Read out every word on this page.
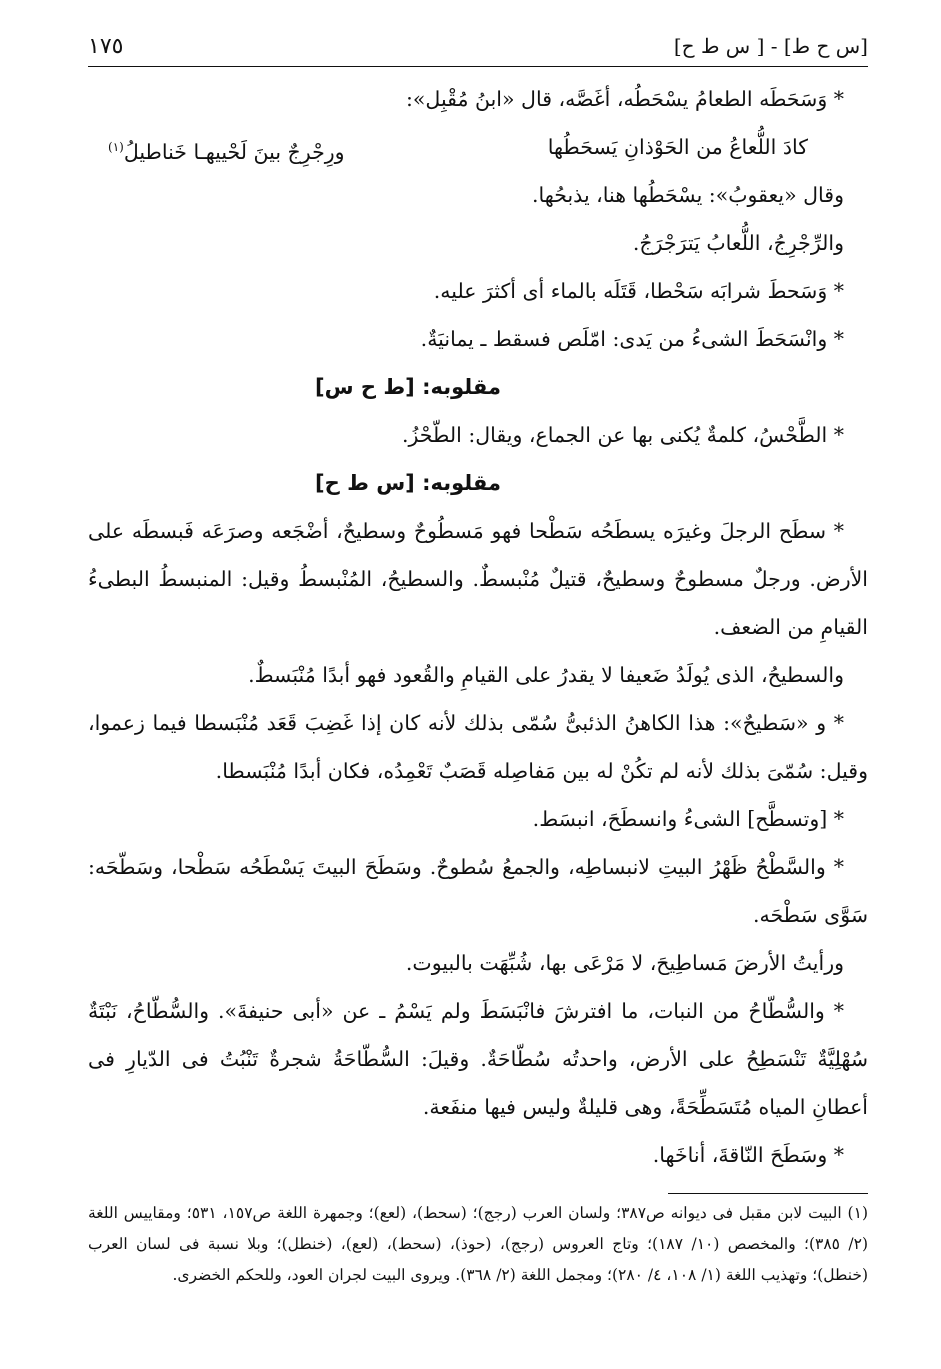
[س ح ط] - [ س ط ح]
١٧٥

* وَسَحَطَه الطعامُ يسْحَطُه، أغَصَّه، قال «ابنُ مُقْبِل»:

كادَ اللُّعاعُ من الحَوْذانِ يَسحَطُها
ورِجْرِجٌ بينَ لَحْييهـا خَناطيلُ$^{(١)}$

وقال «يعقوبُ»: يسْحَطُها هنا، يذبحُها.

والرِّجْرِجُ، اللُّعابُ يَترَجْرَجُ.

* وَسَحطَ شرابَه سَحْطا، قَتَلَه بالماء أى أكثرَ عليه.

* وانْسَحَطَ الشىءُ من يَدى: امّلَص فسقط ـ يمانيَةٌ.

مقلوبه: [ط ح س]

* الطَّحْسُ، كلمةٌ يُكنى بها عن الجماع، ويقال: الطّحْزُ.

مقلوبه: [س ط ح]

* سطَح الرجلَ وغيرَه يسطَحُه سَطْحا فهو مَسطُوحٌ وسطيحٌ، أضْجَعه وصرَعَه فَبسطَه على الأرض. ورجلٌ مسطوحٌ وسطيحٌ، قتيلٌ مُنْبسطٌ. والسطيحُ، المُنْبسطُ وقيل: المنبسطُ البطىءُ القيامِ من الضعف.

والسطيحُ، الذى يُولَدُ ضَعيفا لا يقدرُ على القيامِ والقُعود فهو أبدًا مُنْبَسطٌ.

* و «سَطيحٌ»: هذا الكاهنُ الذئبىُّ سُمّى بذلك لأنه كان إذا غَضِبَ قَعَد مُنْبَسطا فيما زعموا، وقيل: سُمّىَ بذلك لأنه لم تكُنْ له بين مَفاصِله قَصَبٌ تَعْمِدُه، فكان أبدًا مُنْبَسطا.

* [وتسطَّح] الشىءُ وانسطَحَ، انبسَط.

* والسَّطْحُ ظَهْرُ البيتِ لانبساطِه، والجمعُ سُطوحٌ. وسَطَحَ البيتَ يَسْطَحُه سَطْحا، وسَطّحَه: سَوَّى سَطْحَه.

ورأيتُ الأرضَ مَساطِيحَ، لا مَرْعَى بها، شُبِّهَت بالبيوت.

* والسُّطّاحُ من النبات، ما افترشَ فانْبَسَطَ ولم يَسْمُ ـ عن «أبى حنيفةَ». والسُّطّاحُ، نَبْتَةٌ سُهْلِيَّةٌ تَنْسَطِحُ على الأرض، واحدتُه سُطّاحَةٌ. وقيلَ: السُّطّاحَةُ شجرةٌ تَنْبُتُ فى الدّيارِ فى أعطانِ المياه مُتَسَطِّحَةً، وهى قليلةٌ وليس فيها منفَعة.

* وسَطَحَ النّاقةَ، أناخَها.

(١) البيت لابن مقبل فى ديوانه ص٣٨٧؛ ولسان العرب (رجج)؛ (سحط)، (لعع)؛ وجمهرة اللغة ص١٥٧، ٥٣١؛ ومقاييس اللغة (٢/ ٣٨٥)؛ والمخصص (١٠/ ١٨٧)؛ وتاج العروس (رجج)، (حوذ)، (سحط)، (لعع)، (خنطل)؛ وبلا نسبة فى لسان العرب (خنطل)؛ وتهذيب اللغة (١/ ١٠٨، ٤/ ٢٨٠)؛ ومجمل اللغة (٢/ ٣٦٨). ويروى البيت لجران العود، وللحكم الخضرى.
